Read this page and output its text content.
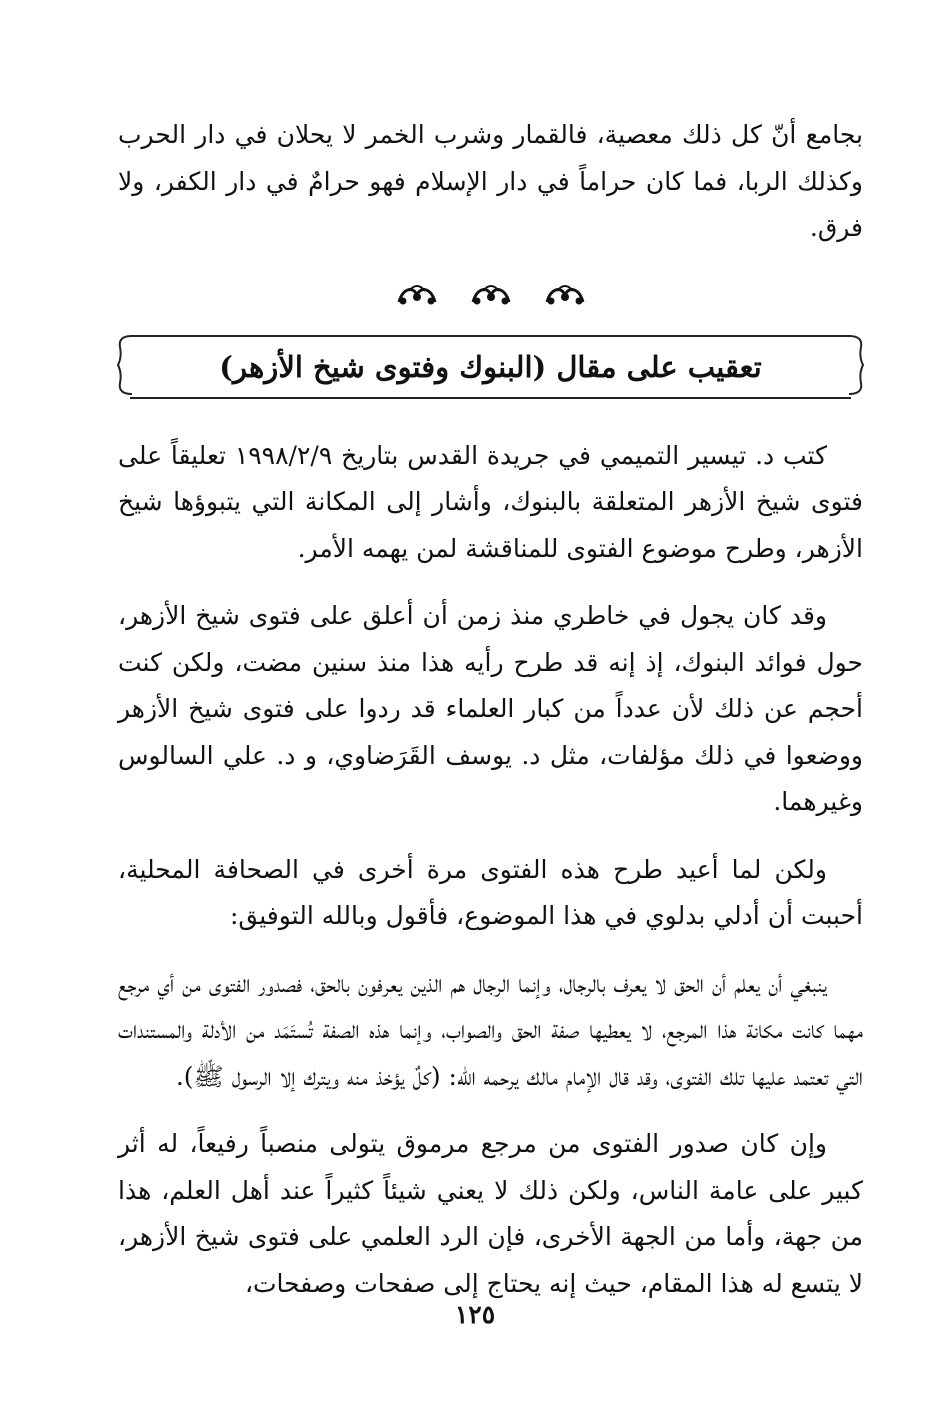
بجامع أنّ كل ذلك معصية، فالقمار وشرب الخمر لا يحلان في دار الحرب وكذلك الربا، فما كان حراماً في دار الإسلام فهو حرامٌ في دار الكفر، ولا فرق.

تعقيب على مقال (البنوك وفتوى شيخ الأزهر)

كتب د. تيسير التميمي في جريدة القدس بتاريخ ١٩٩٨/٢/٩ تعليقاً على فتوى شيخ الأزهر المتعلقة بالبنوك، وأشار إلى المكانة التي يتبوؤها شيخ الأزهر، وطرح موضوع الفتوى للمناقشة لمن يهمه الأمر.

وقد كان يجول في خاطري منذ زمن أن أعلق على فتوى شيخ الأزهر، حول فوائد البنوك، إذ إنه قد طرح رأيه هذا منذ سنين مضت، ولكن كنت أحجم عن ذلك لأن عدداً من كبار العلماء قد ردوا على فتوى شيخ الأزهر ووضعوا في ذلك مؤلفات، مثل د. يوسف القَرَضاوي، و د. علي السالوس وغيرهما.

ولكن لما أعيد طرح هذه الفتوى مرة أخرى في الصحافة المحلية، أحببت أن أدلي بدلوي في هذا الموضوع، فأقول وبالله التوفيق:

ينبغي أن يعلم أن الحق لا يعرف بالرجال، وإنما الرجال هم الذين يعرفون بالحق، فصدور الفتوى من أي مرجع مهما كانت مكانة هذا المرجع، لا يعطيها صفة الحق والصواب، وإنما هذه الصفة تُستَمَد من الأدلة والمستندات التي تعتمد عليها تلك الفتوى، وقد قال الإمام مالك يرحمه الله: (كلٌ يؤخذ منه ويترك إلا الرسول ﷺ).

وإن كان صدور الفتوى من مرجع مرموق يتولى منصباً رفيعاً، له أثر كبير على عامة الناس، ولكن ذلك لا يعني شيئاً كثيراً عند أهل العلم، هذا من جهة، وأما من الجهة الأخرى، فإن الرد العلمي على فتوى شيخ الأزهر، لا يتسع له هذا المقام، حيث إنه يحتاج إلى صفحات وصفحات،

١٢٥
